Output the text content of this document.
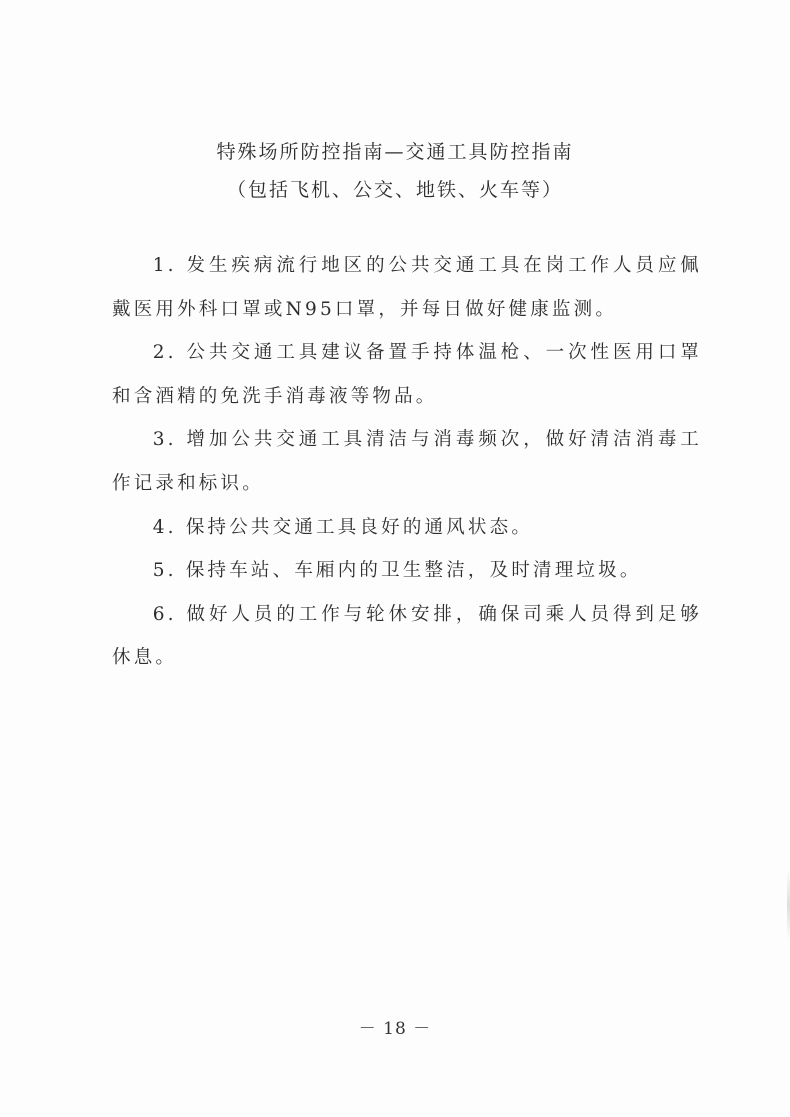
特殊场所防控指南—交通工具防控指南
（包括飞机、公交、地铁、火车等）

1. 发生疾病流行地区的公共交通工具在岗工作人员应佩戴医用外科口罩或N95口罩，并每日做好健康监测。

2. 公共交通工具建议备置手持体温枪、一次性医用口罩和含酒精的免洗手消毒液等物品。

3. 增加公共交通工具清洁与消毒频次，做好清洁消毒工作记录和标识。

4. 保持公共交通工具良好的通风状态。

5. 保持车站、车厢内的卫生整洁，及时清理垃圾。

6. 做好人员的工作与轮休安排，确保司乘人员得到足够休息。

－ 18 －
